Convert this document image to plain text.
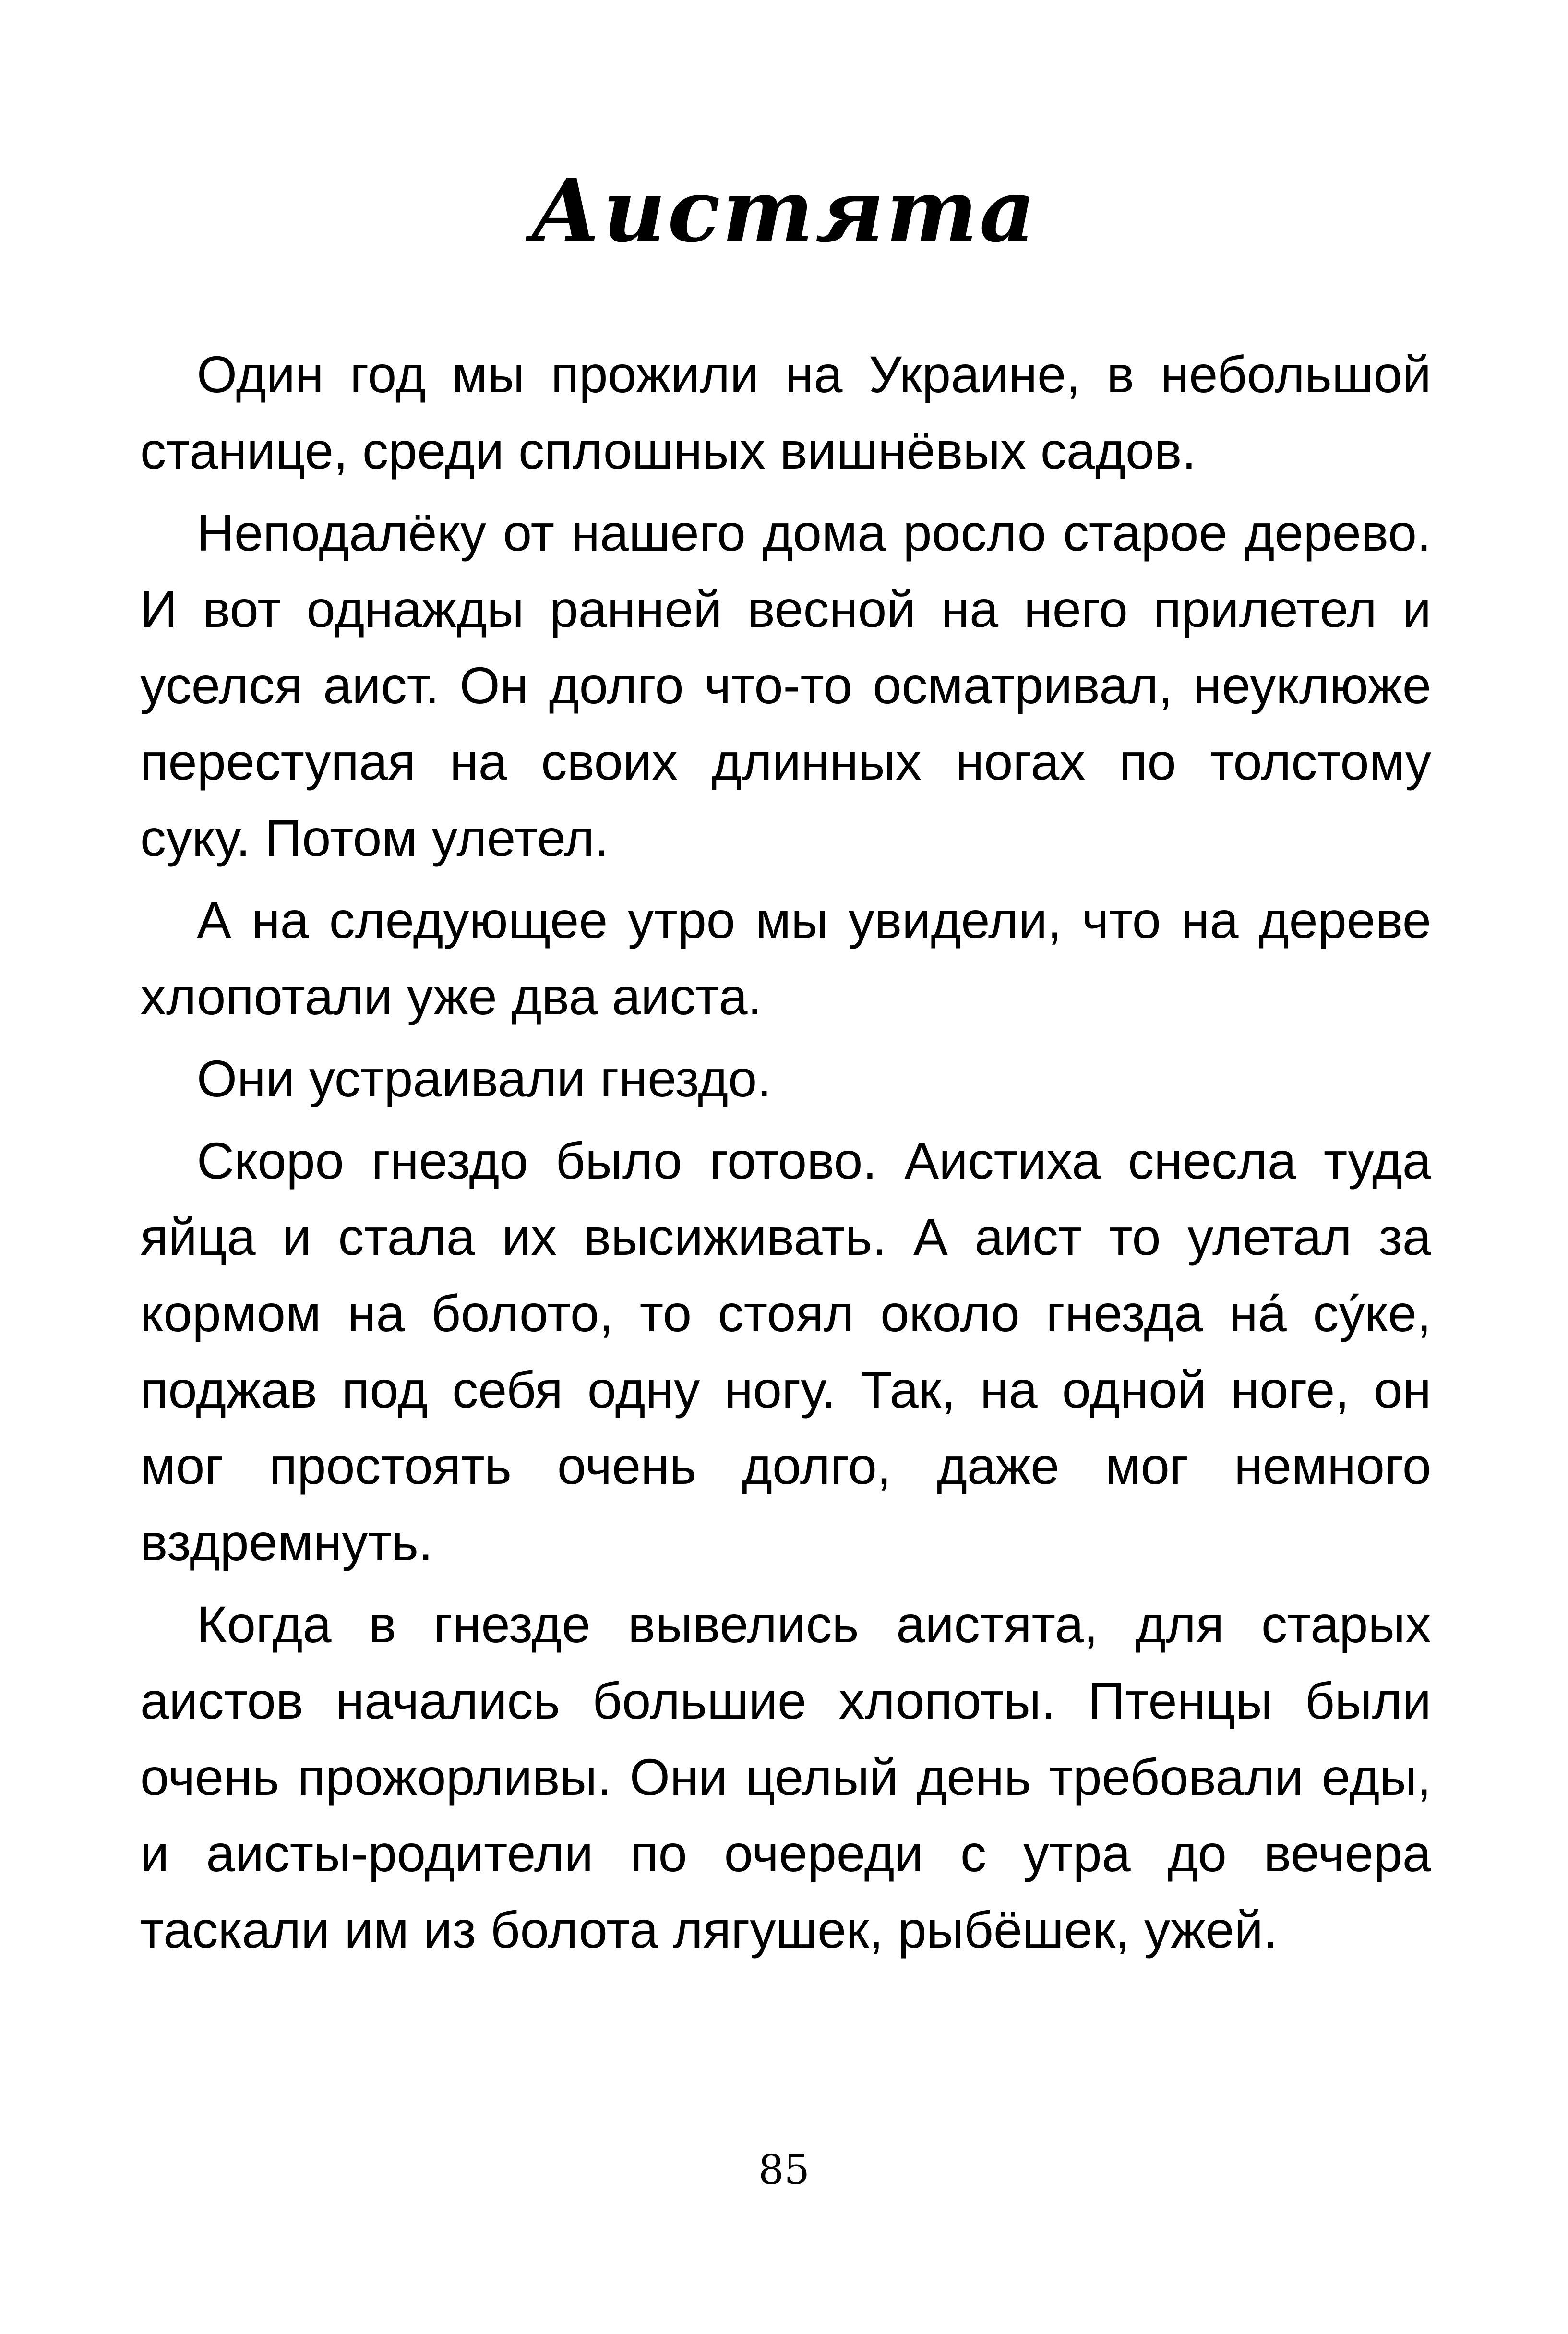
Аистята

Один год мы прожили на Украине, в небольшой станице, среди сплошных вишнёвых садов.

Неподалёку от нашего дома росло старое дерево. И вот однажды ранней весной на него прилетел и уселся аист. Он долго что-то осматривал, неуклюже переступая на своих длинных ногах по толстому суку. Потом улетел.

А на следующее утро мы увидели, что на дереве хлопотали уже два аиста.

Они устраивали гнездо.

Скоро гнездо было готово. Аистиха снесла туда яйца и стала их высиживать. А аист то улетал за кормом на болото, то стоял около гнезда на́ су́ке, поджав под себя одну ногу. Так, на одной ноге, он мог простоять очень долго, даже мог немного вздремнуть.

Когда в гнезде вывелись аистята, для старых аистов начались большие хлопоты. Птенцы были очень прожорливы. Они целый день требовали еды, и аисты-родители по очереди с утра до вечера таскали им из болота лягушек, рыбёшек, ужей.

85
